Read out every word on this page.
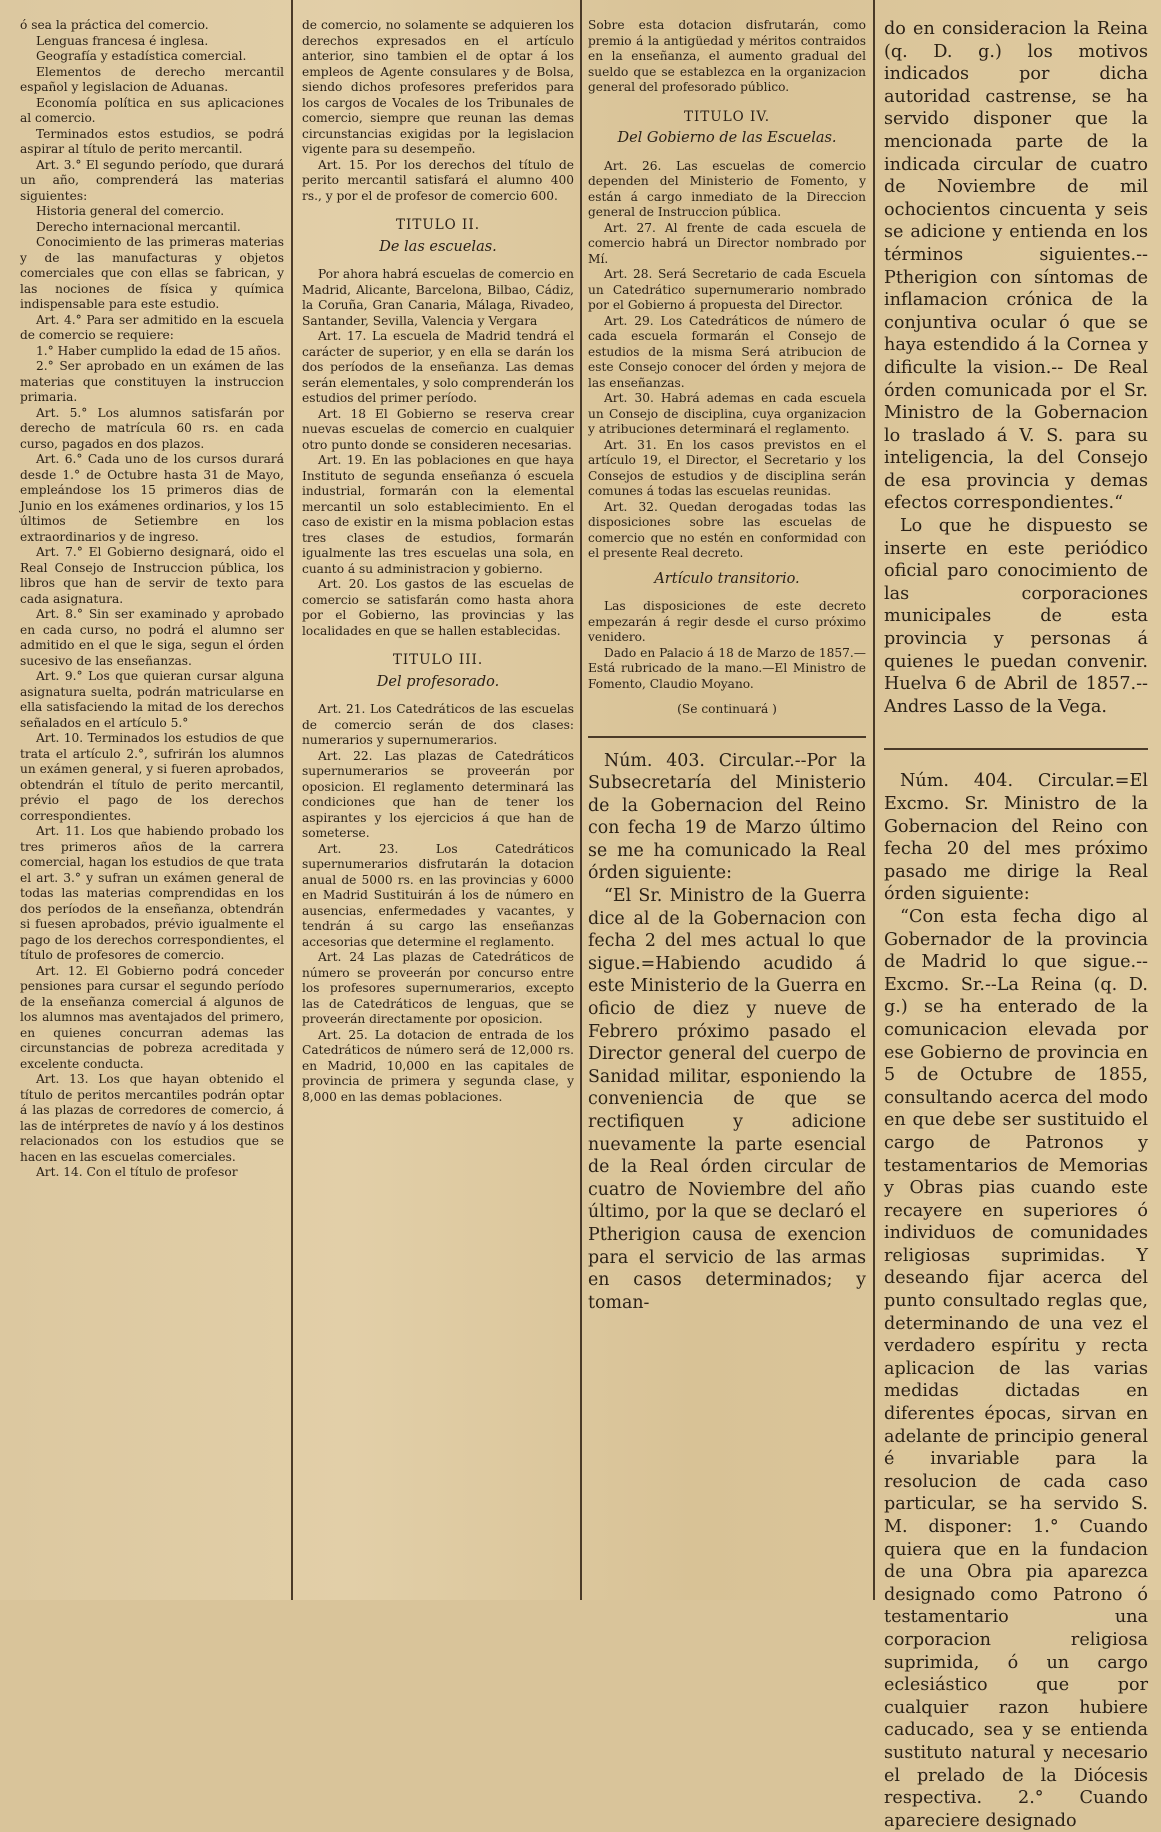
ó sea la práctica del comercio.

Lenguas francesa é inglesa.

Geografía y estadística comercial.

Elementos de derecho mercantil español y legislacion de Aduanas.

Economía política en sus aplicaciones al comercio.

Terminados estos estudios, se podrá aspirar al título de perito mercantil.

Art. 3.° El segundo período, que durará un año, comprenderá las materias siguientes:

Historia general del comercio.

Derecho internacional mercantil.

Conocimiento de las primeras materias y de las manufacturas y objetos comerciales que con ellas se fabrican, y las nociones de física y química indispensable para este estudio.

Art. 4.° Para ser admitido en la escuela de comercio se requiere:

1.° Haber cumplido la edad de 15 años.

2.° Ser aprobado en un exámen de las materias que constituyen la instruccion primaria.

Art. 5.° Los alumnos satisfarán por derecho de matrícula 60 rs. en cada curso, pagados en dos plazos.

Art. 6.° Cada uno de los cursos durará desde 1.° de Octubre hasta 31 de Mayo, empleándose los 15 primeros dias de Junio en los exámenes ordinarios, y los 15 últimos de Setiembre en los extraordinarios y de ingreso.

Art. 7.° El Gobierno designará, oido el Real Consejo de Instruccion pública, los libros que han de servir de texto para cada asignatura.

Art. 8.° Sin ser examinado y aprobado en cada curso, no podrá el alumno ser admitido en el que le siga, segun el órden sucesivo de las enseñanzas.

Art. 9.° Los que quieran cursar alguna asignatura suelta, podrán matricularse en ella satisfaciendo la mitad de los derechos señalados en el artículo 5.°

Art. 10. Terminados los estudios de que trata el artículo 2.°, sufrirán los alumnos un exámen general, y si fueren aprobados, obtendrán el título de perito mercantil, prévio el pago de los derechos correspondientes.

Art. 11. Los que habiendo probado los tres primeros años de la carrera comercial, hagan los estudios de que trata el art. 3.° y sufran un exámen general de todas las materias comprendidas en los dos períodos de la enseñanza, obtendrán si fuesen aprobados, prévio igualmente el pago de los derechos correspondientes, el título de profesores de comercio.

Art. 12. El Gobierno podrá conceder pensiones para cursar el segundo período de la enseñanza comercial á algunos de los alumnos mas aventajados del primero, en quienes concurran ademas las circunstancias de pobreza acreditada y excelente conducta.

Art. 13. Los que hayan obtenido el título de peritos mercantiles podrán optar á las plazas de corredores de comercio, á las de intérpretes de navío y á los destinos relacionados con los estudios que se hacen en las escuelas comerciales.

Art. 14. Con el título de profesor

de comercio, no solamente se adquieren los derechos expresados en el artículo anterior, sino tambien el de optar á los empleos de Agente consulares y de Bolsa, siendo dichos profesores preferidos para los cargos de Vocales de los Tribunales de comercio, siempre que reunan las demas circunstancias exigidas por la legislacion vigente para su desempeño.

Art. 15. Por los derechos del título de perito mercantil satisfará el alumno 400 rs., y por el de profesor de comercio 600.

TITULO II.
De las escuelas.

Por ahora habrá escuelas de comercio en Madrid, Alicante, Barcelona, Bilbao, Cádiz, la Coruña, Gran Canaria, Málaga, Rivadeo, Santander, Sevilla, Valencia y Vergara

Art. 17. La escuela de Madrid tendrá el carácter de superior, y en ella se darán los dos períodos de la enseñanza. Las demas serán elementales, y solo comprenderán los estudios del primer período.

Art. 18 El Gobierno se reserva crear nuevas escuelas de comercio en cualquier otro punto donde se consideren necesarias.

Art. 19. En las poblaciones en que haya Instituto de segunda enseñanza ó escuela industrial, formarán con la elemental mercantil un solo establecimiento. En el caso de existir en la misma poblacion estas tres clases de estudios, formarán igualmente las tres escuelas una sola, en cuanto á su administracion y gobierno.

Art. 20. Los gastos de las escuelas de comercio se satisfarán como hasta ahora por el Gobierno, las provincias y las localidades en que se hallen establecidas.

TITULO III.
Del profesorado.

Art. 21. Los Catedráticos de las escuelas de comercio serán de dos clases: numerarios y supernumerarios.

Art. 22. Las plazas de Catedráticos supernumerarios se proveerán por oposicion. El reglamento determinará las condiciones que han de tener los aspirantes y los ejercicios á que han de someterse.

Art. 23. Los Catedráticos supernumerarios disfrutarán la dotacion anual de 5000 rs. en las provincias y 6000 en Madrid Sustituirán á los de número en ausencias, enfermedades y vacantes, y tendrán á su cargo las enseñanzas accesorias que determine el reglamento.

Art. 24 Las plazas de Catedráticos de número se proveerán por concurso entre los profesores supernumerarios, excepto las de Catedráticos de lenguas, que se proveerán directamente por oposicion.

Art. 25. La dotacion de entrada de los Catedráticos de número será de 12,000 rs. en Madrid, 10,000 en las capitales de provincia de primera y segunda clase, y 8,000 en las demas poblaciones.

Sobre esta dotacion disfrutarán, como premio á la antigüedad y méritos contraidos en la enseñanza, el aumento gradual del sueldo que se establezca en la organizacion general del profesorado público.

TITULO IV.
Del Gobierno de las Escuelas.

Art. 26. Las escuelas de comercio dependen del Ministerio de Fomento, y están á cargo inmediato de la Direccion general de Instruccion pública.

Art. 27. Al frente de cada escuela de comercio habrá un Director nombrado por Mí.

Art. 28. Será Secretario de cada Escuela un Catedrático supernumerario nombrado por el Gobierno á propuesta del Director.

Art. 29. Los Catedráticos de número de cada escuela formarán el Consejo de estudios de la misma Será atribucion de este Consejo conocer del órden y mejora de las enseñanzas.

Art. 30. Habrá ademas en cada escuela un Consejo de disciplina, cuya organizacion y atribuciones determinará el reglamento.

Art. 31. En los casos previstos en el artículo 19, el Director, el Secretario y los Consejos de estudios y de disciplina serán comunes á todas las escuelas reunidas.

Art. 32. Quedan derogadas todas las disposiciones sobre las escuelas de comercio que no estén en conformidad con el presente Real decreto.

Artículo transitorio.

Las disposiciones de este decreto empezarán á regir desde el curso próximo venidero.

Dado en Palacio á 18 de Marzo de 1857.—Está rubricado de la mano.—El Ministro de Fomento, Claudio Moyano.

(Se continuará )

Núm. 403. Circular.--Por la Subsecretaría del Ministerio de la Gobernacion del Reino con fecha 19 de Marzo último se me ha comunicado la Real órden siguiente:

“El Sr. Ministro de la Guerra dice al de la Gobernacion con fecha 2 del mes actual lo que sigue.=Habiendo acudido á este Ministerio de la Guerra en oficio de diez y nueve de Febrero próximo pasado el Director general del cuerpo de Sanidad militar, esponiendo la conveniencia de que se rectifiquen y adicione nuevamente la parte esencial de la Real órden circular de cuatro de Noviembre del año último, por la que se declaró el Ptherigion causa de exencion para el servicio de las armas en casos determinados; y toman-

do en consideracion la Reina (q. D. g.) los motivos indicados por dicha autoridad castrense, se ha servido disponer que la mencionada parte de la indicada circular de cuatro de Noviembre de mil ochocientos cincuenta y seis se adicione y entienda en los términos siguientes.--Ptherigion con síntomas de inflamacion crónica de la conjuntiva ocular ó que se haya estendido á la Cornea y dificulte la vision.-- De Real órden comunicada por el Sr. Ministro de la Gobernacion lo traslado á V. S. para su inteligencia, la del Consejo de esa provincia y demas efectos correspondientes.“

Lo que he dispuesto se inserte en este periódico oficial paro conocimiento de las corporaciones municipales de esta provincia y personas á quienes le puedan convenir. Huelva 6 de Abril de 1857.--Andres Lasso de la Vega.

Núm. 404. Circular.=El Excmo. Sr. Ministro de la Gobernacion del Reino con fecha 20 del mes próximo pasado me dirige la Real órden siguiente:

“Con esta fecha digo al Gobernador de la provincia de Madrid lo que sigue.--Excmo. Sr.--La Reina (q. D. g.) se ha enterado de la comunicacion elevada por ese Gobierno de provincia en 5 de Octubre de 1855, consultando acerca del modo en que debe ser sustituido el cargo de Patronos y testamentarios de Memorias y Obras pias cuando este recayere en superiores ó individuos de comunidades religiosas suprimidas. Y deseando fijar acerca del punto consultado reglas que, determinando de una vez el verdadero espíritu y recta aplicacion de las varias medidas dictadas en diferentes épocas, sirvan en adelante de principio general é invariable para la resolucion de cada caso particular, se ha servido S. M. disponer: 1.° Cuando quiera que en la fundacion de una Obra pia aparezca designado como Patrono ó testamentario una corporacion religiosa suprimida, ó un cargo eclesiástico que por cualquier razon hubiere caducado, sea y se entienda sustituto natural y necesario el prelado de la Diócesis respectiva. 2.° Cuando apareciere designado
